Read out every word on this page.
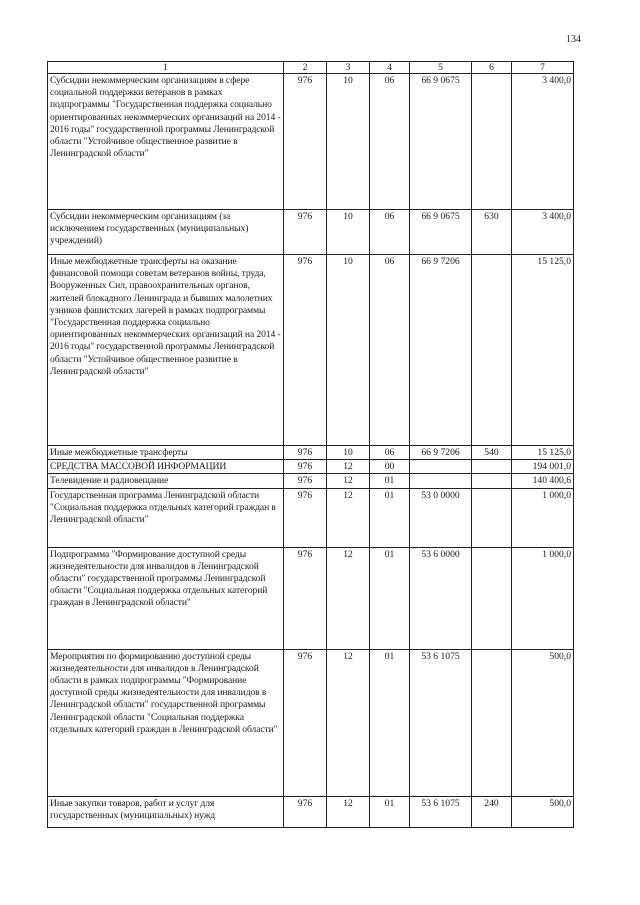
134
1	2	3	4	5	6	7
Субсидии некоммерческим организациям в сфере социальной поддержки ветеранов в рамках подпрограммы "Государственная поддержка социально ориентированных некоммерческих организаций на 2014 - 2016 годы" государственной программы Ленинградской области "Устойчивое общественное развитие в Ленинградской области"	976	10	06	66 9 0675		3 400,0
Субсидии некоммерческим организациям (за исключением государственных (муниципальных) учреждений)	976	10	06	66 9 0675	630	3 400,0
Иные межбюджетные трансферты на оказание финансовой помощи советам ветеранов войны, труда, Вооруженных Сил, правоохранительных органов, жителей блокадного Ленинграда и бывших малолетних узников фашистских лагерей в рамках подпрограммы "Государственная поддержка социально ориентированных некоммерческих организаций на 2014 - 2016 годы" государственной программы Ленинградской области "Устойчивое общественное развитие в Ленинградской области"	976	10	06	66 9 7206		15 125,0
Иные межбюджетные трансферты	976	10	06	66 9 7206	540	15 125,0
СРЕДСТВА МАССОВОЙ ИНФОРМАЦИИ	976	12	00			194 001,0
Телевидение и радиовещание	976	12	01			140 400,6
Государственная программа Ленинградской области "Социальная поддержка отдельных категорий граждан в Ленинградской области"	976	12	01	53 0 0000		1 000,0
Подпрограмма "Формирование доступной среды жизнедеятельности для инвалидов в Ленинградской области" государственной программы Ленинградской области "Социальная поддержка отдельных категорий граждан в Ленинградской области"	976	12	01	53 6 0000		1 000,0
Мероприятия по формированию доступной среды жизнедеятельности для инвалидов в Ленинградской области в рамках подпрограммы "Формирование доступной среды жизнедеятельности для инвалидов в Ленинградской области" государственной программы Ленинградской области "Социальная поддержка отдельных категорий граждан в Ленинградской области"	976	12	01	53 6 1075		500,0
Иные закупки товаров, работ и услуг для государственных (муниципальных) нужд	976	12	01	53 6 1075	240	500,0
